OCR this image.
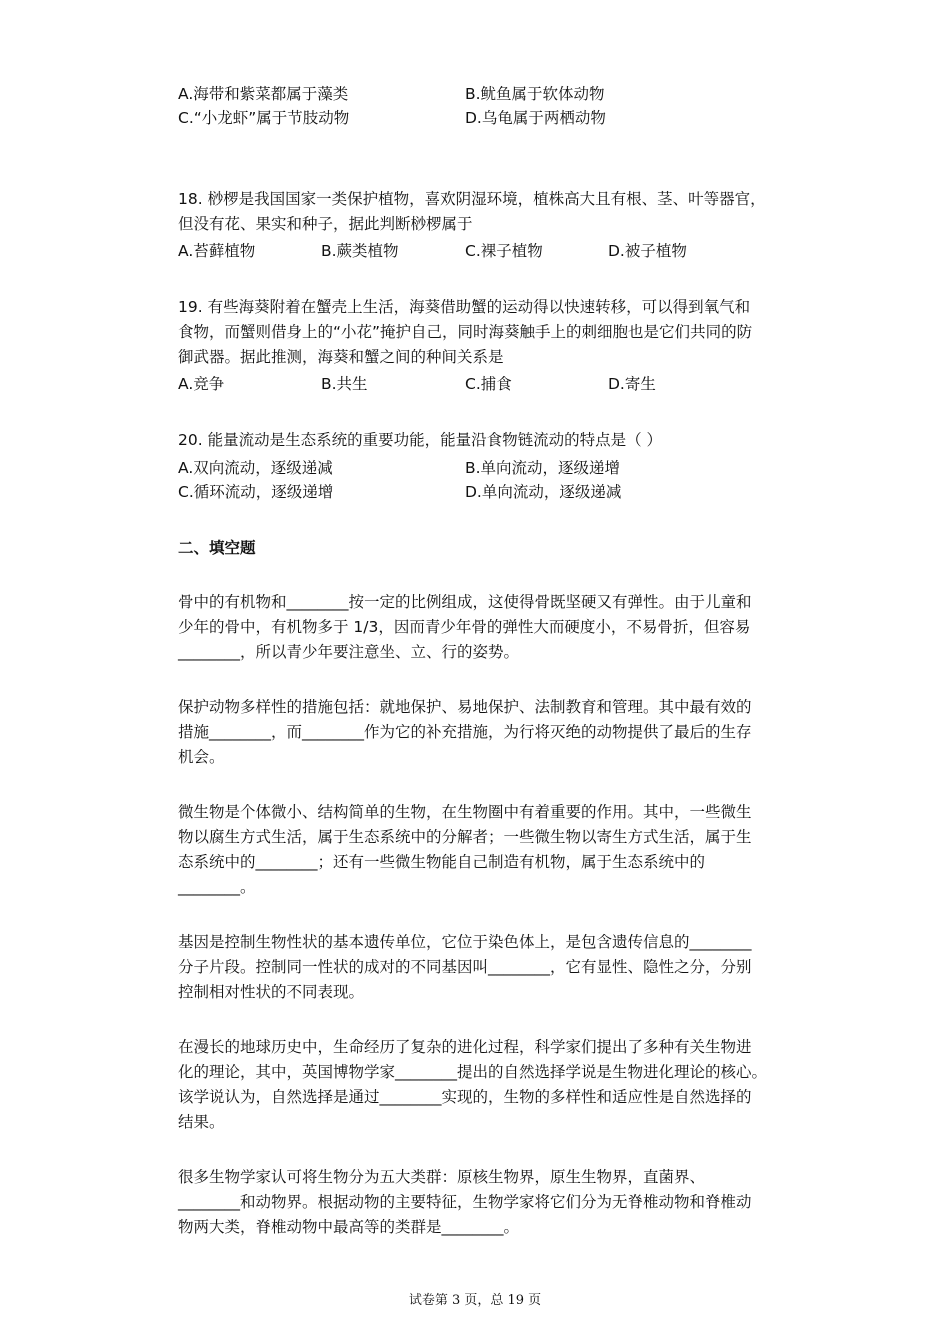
A.海带和紫菜都属于藻类	B.鱿鱼属于软体动物
C.“小龙虾”属于节肢动物	D.乌龟属于两栖动物
18. 桫椤是我国国家一类保护植物，喜欢阴湿环境，植株高大且有根、茎、叶等器官，
但没有花、果实和种子，据此判断桫椤属于
A.苔藓植物	B.蕨类植物	C.裸子植物	D.被子植物
19. 有些海葵附着在蟹壳上生活，海葵借助蟹的运动得以快速转移，可以得到氧气和
食物，而蟹则借身上的“小花”掩护自己，同时海葵触手上的刺细胞也是它们共同的防
御武器。据此推测，海葵和蟹之间的种间关系是
A.竞争	B.共生	C.捕食	D.寄生
20. 能量流动是生态系统的重要功能，能量沿食物链流动的特点是（ ）
A.双向流动，逐级递减	B.单向流动，逐级递增
C.循环流动，逐级递增	D.单向流动，逐级递减
二、填空题
骨中的有机物和________按一定的比例组成，这使得骨既坚硬又有弹性。由于儿童和
少年的骨中，有机物多于 1/3，因而青少年骨的弹性大而硬度小，不易骨折，但容易
________，所以青少年要注意坐、立、行的姿势。
保护动物多样性的措施包括：就地保护、易地保护、法制教育和管理。其中最有效的
措施________，而________作为它的补充措施，为行将灭绝的动物提供了最后的生存
机会。
微生物是个体微小、结构简单的生物，在生物圈中有着重要的作用。其中，一些微生
物以腐生方式生活，属于生态系统中的分解者；一些微生物以寄生方式生活，属于生
态系统中的________；还有一些微生物能自己制造有机物，属于生态系统中的
________。
基因是控制生物性状的基本遗传单位，它位于染色体上，是包含遗传信息的________
分子片段。控制同一性状的成对的不同基因叫________，它有显性、隐性之分，分别
控制相对性状的不同表现。
在漫长的地球历史中，生命经历了复杂的进化过程，科学家们提出了多种有关生物进
化的理论，其中，英国博物学家________提出的自然选择学说是生物进化理论的核心。
该学说认为，自然选择是通过________实现的，生物的多样性和适应性是自然选择的
结果。
很多生物学家认可将生物分为五大类群：原核生物界，原生生物界，直菌界、
________和动物界。根据动物的主要特征，生物学家将它们分为无脊椎动物和脊椎动
物两大类，脊椎动物中最高等的类群是________。
试卷第 3 页，总 19 页
